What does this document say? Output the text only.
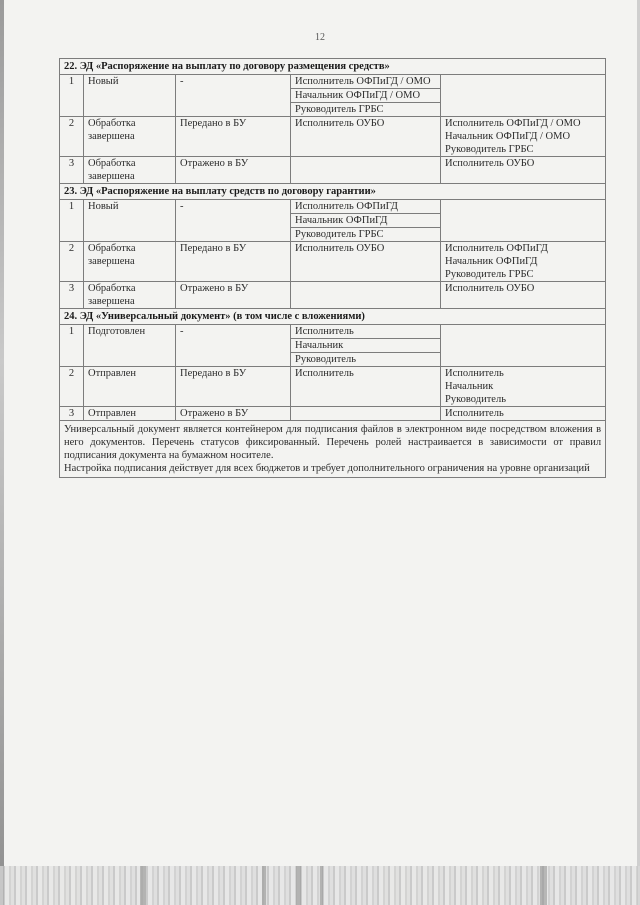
12
22. ЭД «Распоряжение на выплату по договору размещения средств»				
1	Новый	-	Исполнитель ОФПиГД / ОМО	
			Начальник ОФПиГД / ОМО	
			Руководитель ГРБС	
2	Обработка завершена	Передано в БУ	Исполнитель ОУБО	Исполнитель ОФПиГД / ОМО
Начальник ОФПиГД / ОМО
Руководитель ГРБС

3	Обработка завершена	Отражено в БУ		Исполнитель ОУБО
23. ЭД «Распоряжение на выплату средств по договору гарантии»				
1	Новый	-	Исполнитель ОФПиГД	
			Начальник ОФПиГД	
			Руководитель ГРБС	
2	Обработка завершена	Передано в БУ	Исполнитель ОУБО	Исполнитель ОФПиГД
Начальник ОФПиГД
Руководитель ГРБС

3	Обработка завершена	Отражено в БУ		Исполнитель ОУБО
24. ЭД «Универсальный документ» (в том числе с вложениями)				
1	Подготовлен	-	Исполнитель	
			Начальник	
			Руководитель	
2	Отправлен	Передано в БУ	Исполнитель	Исполнитель
Начальник
Руководитель

3	Отправлен	Отражено в БУ		Исполнитель

Универсальный документ является контейнером для подписания файлов в электронном виде посредством вложения в него документов. Перечень статусов фиксированный. Перечень ролей настраивается в зависимости от правил подписания документа на бумажном носителе.
Настройка подписания действует для всех бюджетов и требует дополнительного ограничения на уровне организаций				
